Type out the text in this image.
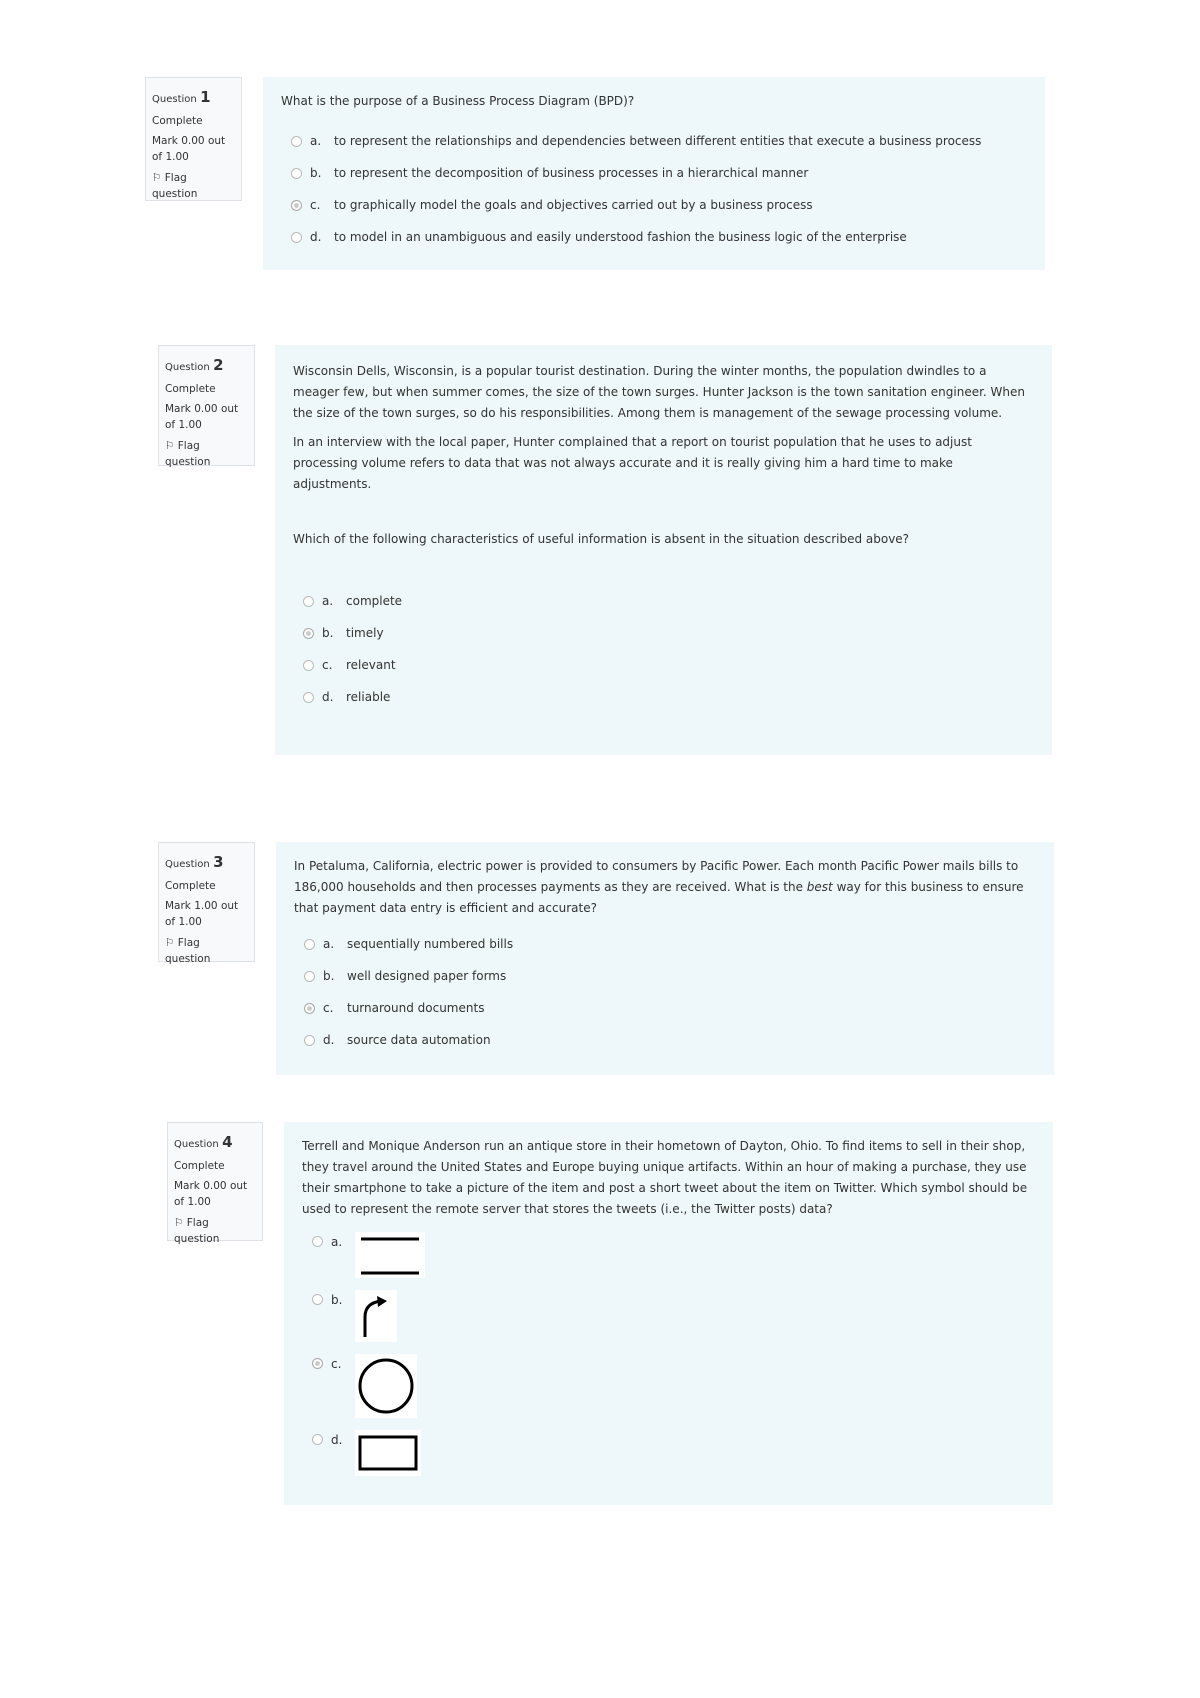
Question 1
Complete
Mark 0.00 out of 1.00
⚐ Flag question

What is the purpose of a Business Process Diagram (BPD)?

a.	to represent the relationships and dependencies between different entities that execute a business process
b.	to represent the decomposition of business processes in a hierarchical manner
c.	to graphically model the goals and objectives carried out by a business process
d.	to model in an unambiguous and easily understood fashion the business logic of the enterprise
Question 2
Complete
Mark 0.00 out of 1.00
⚐ Flag question

Wisconsin Dells, Wisconsin, is a popular tourist destination. During the winter months, the population dwindles to a meager few, but when summer comes, the size of the town surges. Hunter Jackson is the town sanitation engineer. When the size of the town surges, so do his responsibilities. Among them is management of the sewage processing volume.

In an interview with the local paper, Hunter complained that a report on tourist population that he uses to adjust processing volume refers to data that was not always accurate and it is really giving him a hard time to make adjustments.

Which of the following characteristics of useful information is absent in the situation described above?

a.	complete
b.	timely
c.	relevant
d.	reliable
Question 3
Complete
Mark 1.00 out of 1.00
⚐ Flag question

In Petaluma, California, electric power is provided to consumers by Pacific Power. Each month Pacific Power mails bills to 186,000 households and then processes payments as they are received. What is the best way for this business to ensure that payment data entry is efficient and accurate?

a.	sequentially numbered bills
b.	well designed paper forms
c.	turnaround documents
d.	source data automation
Question 4
Complete
Mark 0.00 out of 1.00
⚐ Flag question

Terrell and Monique Anderson run an antique store in their hometown of Dayton, Ohio. To find items to sell in their shop, they travel around the United States and Europe buying unique artifacts. Within an hour of making a purchase, they use their smartphone to take a picture of the item and post a short tweet about the item on Twitter. Which symbol should be used to represent the remote server that stores the tweets (i.e., the Twitter posts) data?

a.
b.
c.
d.
